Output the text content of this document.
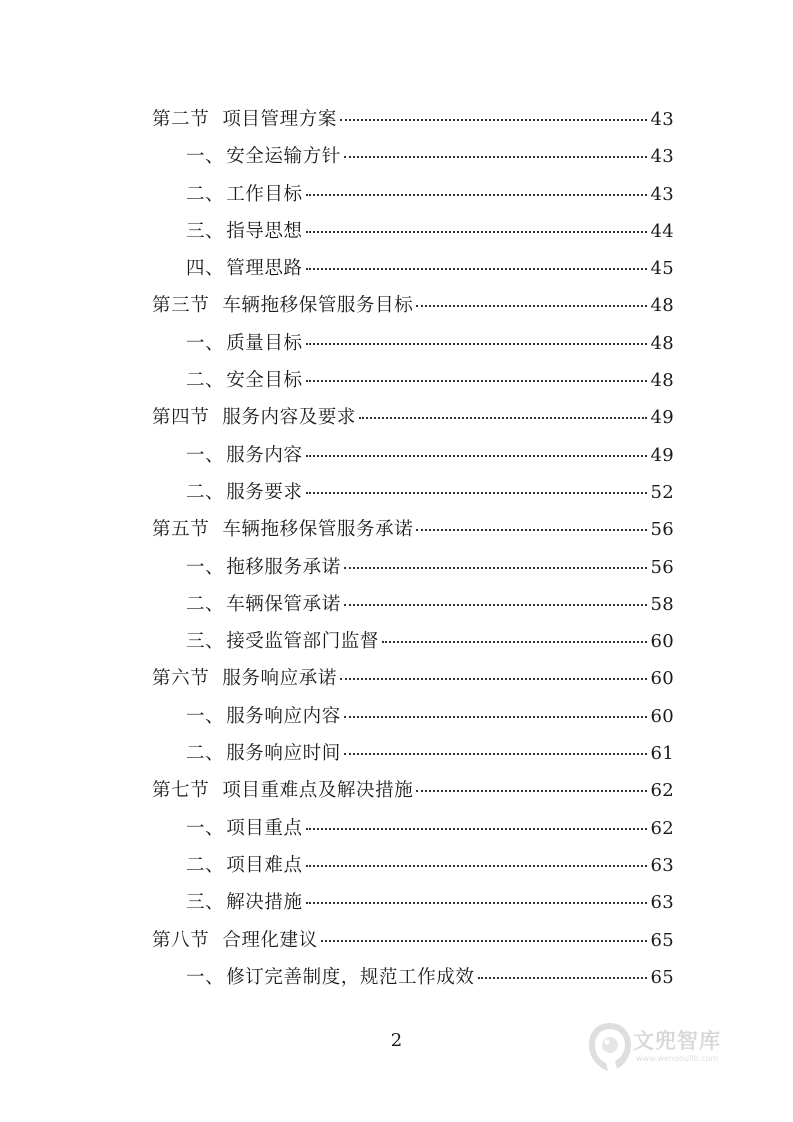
第二节 项目管理方案	43
一、 安全运输方针	43
二、 工作目标	43
三、 指导思想	44
四、 管理思路	45
第三节 车辆拖移保管服务目标	48
一、 质量目标	48
二、 安全目标	48
第四节 服务内容及要求	49
一、 服务内容	49
二、 服务要求	52
第五节 车辆拖移保管服务承诺	56
一、 拖移服务承诺	56
二、 车辆保管承诺	58
三、 接受监管部门监督	60
第六节 服务响应承诺	60
一、 服务响应内容	60
二、 服务响应时间	61
第七节 项目重难点及解决措施	62
一、 项目重点	62
二、 项目难点	63
三、 解决措施	63
第八节 合理化建议	65
一、 修订完善制度，规范工作成效	65
2	文兜智库
www.wendoulib.com
